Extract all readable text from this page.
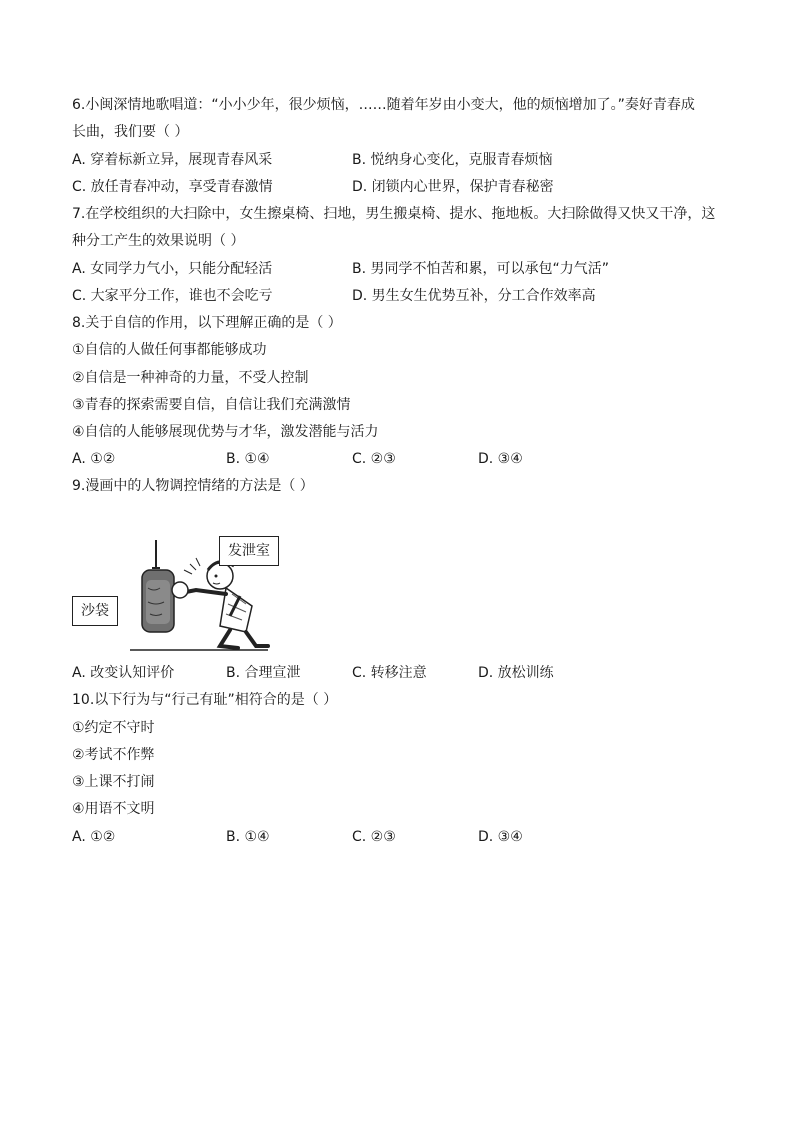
6.小闽深情地歌唱道：“小小少年，很少烦恼，……随着年岁由小变大，他的烦恼增加了。”奏好青春成
长曲，我们要（ ）
A. 穿着标新立异，展现青春风采	B. 悦纳身心变化，克服青春烦恼
C. 放任青春冲动，享受青春激情	D. 闭锁内心世界，保护青春秘密
7.在学校组织的大扫除中，女生擦桌椅、扫地，男生搬桌椅、提水、拖地板。大扫除做得又快又干净，这
种分工产生的效果说明（ ）
A. 女同学力气小，只能分配轻活	B. 男同学不怕苦和累，可以承包“力气活”
C. 大家平分工作，谁也不会吃亏	D. 男生女生优势互补，分工合作效率高
8.关于自信的作用，以下理解正确的是（ ）
①自信的人做任何事都能够成功
②自信是一种神奇的力量，不受人控制
③青春的探索需要自信，自信让我们充满激情
④自信的人能够展现优势与才华，激发潜能与活力
A. ①②	B. ①④	C. ②③	D. ③④
9.漫画中的人物调控情绪的方法是（ ）
发泄室
沙袋
A. 改变认知评价	B. 合理宣泄	C. 转移注意	D. 放松训练
10.以下行为与“行己有耻”相符合的是（ ）
①约定不守时
②考试不作弊
③上课不打闹
④用语不文明
A. ①②	B. ①④	C. ②③	D. ③④
